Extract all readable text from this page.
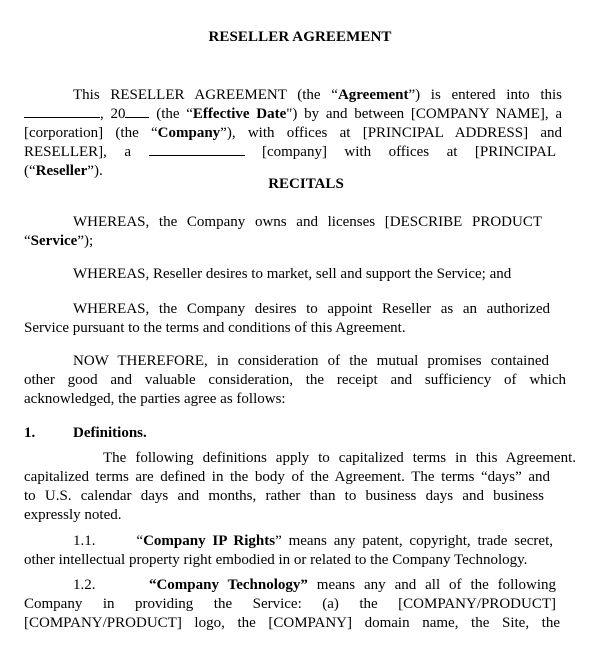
RESELLER AGREEMENT
This RESELLER AGREEMENT (the “Agreement”) is entered into this
, 20 (the “Effective Date") by and between [COMPANY NAME], a
[corporation] (the “Company”), with offices at [PRINCIPAL ADDRESS] and
RESELLER], a	[company] with offices at [PRINCIPAL
(“Reseller”).
RECITALS
WHEREAS, the Company owns and licenses [DESCRIBE PRODUCT
“Service”);
WHEREAS, Reseller desires to market, sell and support the Service; and
WHEREAS, the Company desires to appoint Reseller as an authorized
Service pursuant to the terms and conditions of this Agreement.
NOW THEREFORE, in consideration of the mutual promises contained
other good and valuable consideration, the receipt and sufficiency of which
acknowledged, the parties agree as follows:
1.	Definitions.
The following definitions apply to capitalized terms in this Agreement.
capitalized terms are defined in the body of the Agreement. The terms “days” and
to U.S. calendar days and months, rather than to business days and business
expressly noted.
1.1.	“Company IP Rights” means any patent, copyright, trade secret,
other intellectual property right embodied in or related to the Company Technology.
1.2.	“Company Technology” means any and all of the following
Company in providing the Service: (a) the [COMPANY/PRODUCT]
[COMPANY/PRODUCT] logo, the [COMPANY] domain name, the Site, the
